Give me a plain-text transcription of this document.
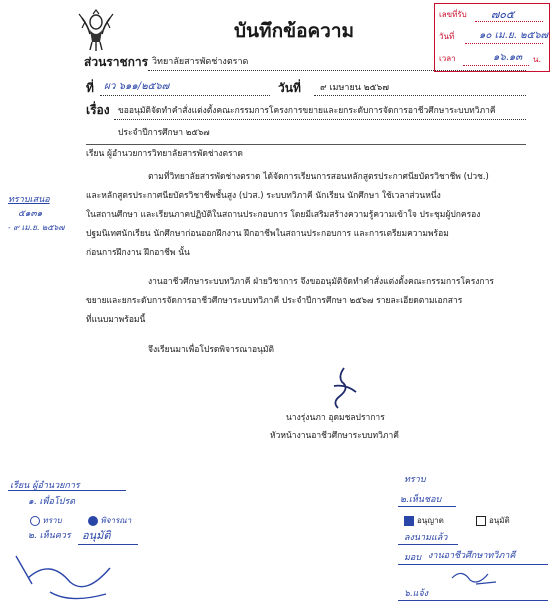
บันทึกข้อความ
เลขที่รับ ๗๐๕
วันที่ ๑๐ เม.ย. ๒๕๖๗
เวลา	๑๖.๑๓ น.
ส่วนราชการ วิทยาลัยสารพัดช่างตราด
ที่ ผว ๖๑๑/๒๕๖๗	วันที่ ๙ เมษายน ๒๕๖๗
เรื่อง ขออนุมัติจัดทำคำสั่งแต่งตั้งคณะกรรมการโครงการขยายและยกระดับการจัดการอาชีวศึกษาระบบทวิภาคี
ประจำปีการศึกษา ๒๕๖๗
เรียน ผู้อำนวยการวิทยาลัยสารพัดช่างตราด
ทราบเสนอ
๕๑๓๑
- ๙ เม.ย. ๒๕๖๗
ตามที่วิทยาลัยสารพัดช่างตราด ได้จัดการเรียนการสอนหลักสูตรประกาศนียบัตรวิชาชีพ (ปวช.)
และหลักสูตรประกาศนียบัตรวิชาชีพชั้นสูง (ปวส.) ระบบทวิภาคี นักเรียน นักศึกษา ใช้เวลาส่วนหนึ่ง
ในสถานศึกษา และเรียนภาคปฏิบัติในสถานประกอบการ โดยมีเสริมสร้างความรู้ความเข้าใจ ประชุมผู้ปกครอง
ปฐมนิเทศนักเรียน นักศึกษาก่อนออกฝึกงาน ฝึกอาชีพในสถานประกอบการ และการเตรียมความพร้อม
ก่อนการฝึกงาน ฝึกอาชีพ นั้น
งานอาชีวศึกษาระบบทวิภาคี ฝ่ายวิชาการ จึงขออนุมัติจัดทำคำสั่งแต่งตั้งคณะกรรมการโครงการ
ขยายและยกระดับการจัดการอาชีวศึกษาระบบทวิภาคี ประจำปีการศึกษา ๒๕๖๗ รายละเอียดตามเอกสาร
ที่แนบมาพร้อมนี้
จึงเรียนมาเพื่อโปรดพิจารณาอนุมัติ
นางรุ่งนภา อุดมชลปราการ
หัวหน้างานอาชีวศึกษาระบบทวิภาคี
เรียน ผู้อำนวยการ
๑. เพื่อโปรด
ทราบ	พิจารณา
๒. เห็นควร อนุมัติ
ทราบ
๒.เห็นชอบ
อนุญาต	อนุมัติ
ลงนามแล้ว
มอบ งานอาชีวศึกษาทวิภาคี
๖.แจ้ง
